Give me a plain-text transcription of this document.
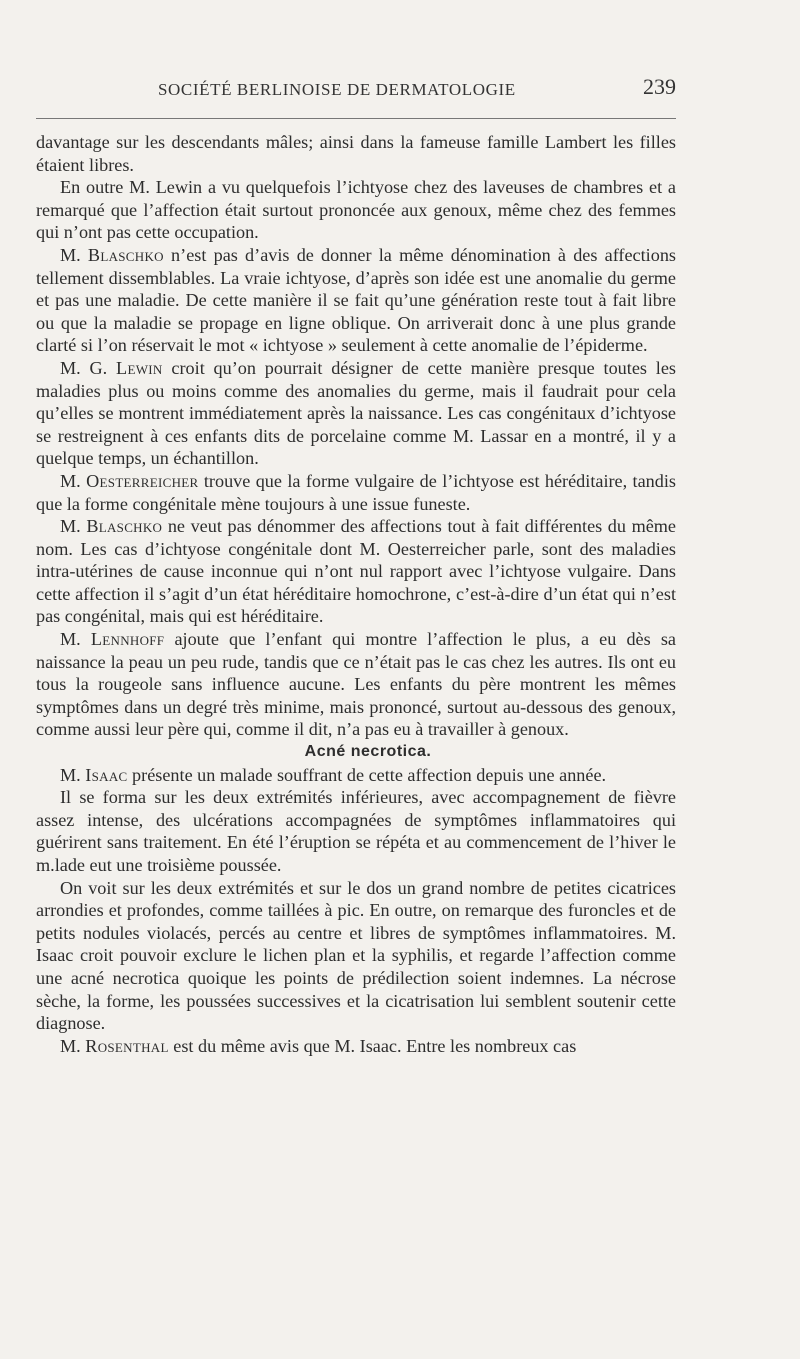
SOCIÉTÉ BERLINOISE DE DERMATOLOGIE	239

davantage sur les descendants mâles; ainsi dans la fameuse famille Lambert les filles étaient libres.

En outre M. Lewin a vu quelquefois l’ichtyose chez des laveuses de chambres et a remarqué que l’affection était surtout prononcée aux genoux, même chez des femmes qui n’ont pas cette occupation.

M. Blaschko n’est pas d’avis de donner la même dénomination à des affections tellement dissemblables. La vraie ichtyose, d’après son idée est une anomalie du germe et pas une maladie. De cette manière il se fait qu’une génération reste tout à fait libre ou que la maladie se propage en ligne oblique. On arriverait donc à une plus grande clarté si l’on réservait le mot « ichtyose » seulement à cette anomalie de l’épiderme.

M. G. Lewin croit qu’on pourrait désigner de cette manière presque toutes les maladies plus ou moins comme des anomalies du germe, mais il faudrait pour cela qu’elles se montrent immédiatement après la naissance. Les cas congénitaux d’ichtyose se restreignent à ces enfants dits de porcelaine comme M. Lassar en a montré, il y a quelque temps, un échantillon.

M. Oesterreicher trouve que la forme vulgaire de l’ichtyose est héréditaire, tandis que la forme congénitale mène toujours à une issue funeste.

M. Blaschko ne veut pas dénommer des affections tout à fait différentes du même nom. Les cas d’ichtyose congénitale dont M. Oesterreicher parle, sont des maladies intra-utérines de cause inconnue qui n’ont nul rapport avec l’ichtyose vulgaire. Dans cette affection il s’agit d’un état héréditaire homochrone, c’est-à-dire d’un état qui n’est pas congénital, mais qui est héréditaire.

M. Lennhoff ajoute que l’enfant qui montre l’affection le plus, a eu dès sa naissance la peau un peu rude, tandis que ce n’était pas le cas chez les autres. Ils ont eu tous la rougeole sans influence aucune. Les enfants du père montrent les mêmes symptômes dans un degré très minime, mais prononcé, surtout au-dessous des genoux, comme aussi leur père qui, comme il dit, n’a pas eu à travailler à genoux.

Acné necrotica.

M. Isaac présente un malade souffrant de cette affection depuis une année.

Il se forma sur les deux extrémités inférieures, avec accompagnement de fièvre assez intense, des ulcérations accompagnées de symptômes inflammatoires qui guérirent sans traitement. En été l’éruption se répéta et au commencement de l’hiver le m.lade eut une troisième poussée.

On voit sur les deux extrémités et sur le dos un grand nombre de petites cicatrices arrondies et profondes, comme taillées à pic. En outre, on remarque des furoncles et de petits nodules violacés, percés au centre et libres de symptômes inflammatoires. M. Isaac croit pouvoir exclure le lichen plan et la syphilis, et regarde l’affection comme une acné necrotica quoique les points de prédilection soient indemnes. La nécrose sèche, la forme, les poussées successives et la cicatrisation lui semblent soutenir cette diagnose.

M. Rosenthal est du même avis que M. Isaac. Entre les nombreux cas
